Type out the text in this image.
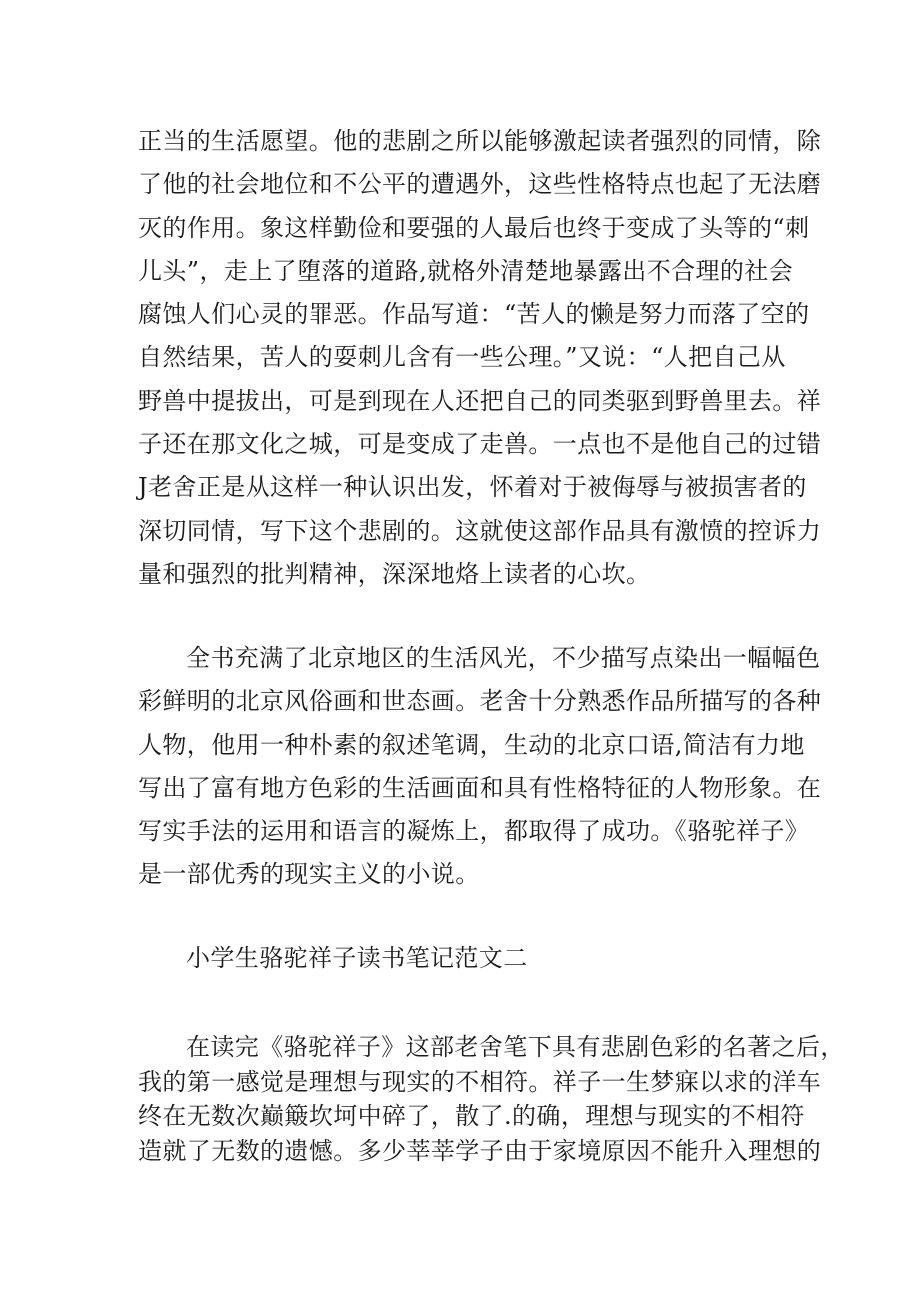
正当的生活愿望。他的悲剧之所以能够激起读者强烈的同情，除
了他的社会地位和不公平的遭遇外，这些性格特点也起了无法磨
灭的作用。象这样勤俭和要强的人最后也终于变成了头等的“刺
儿头”，走上了堕落的道路,就格外清楚地暴露出不合理的社会
腐蚀人们心灵的罪恶。作品写道：“苦人的懒是努力而落了空的
自然结果，苦人的耍刺儿含有一些公理。”又说：“人把自己从
野兽中提拔出，可是到现在人还把自己的同类驱到野兽里去。祥
子还在那文化之城，可是变成了走兽。一点也不是他自己的过错
J老舍正是从这样一种认识出发，怀着对于被侮辱与被损害者的
深切同情，写下这个悲剧的。这就使这部作品具有激愤的控诉力
量和强烈的批判精神，深深地烙上读者的心坎。
全书充满了北京地区的生活风光，不少描写点染出一幅幅色
彩鲜明的北京风俗画和世态画。老舍十分熟悉作品所描写的各种
人物，他用一种朴素的叙述笔调，生动的北京口语,简洁有力地
写出了富有地方色彩的生活画面和具有性格特征的人物形象。在
写实手法的运用和语言的凝炼上，都取得了成功。《骆驼祥子》
是一部优秀的现实主义的小说。
小学生骆驼祥子读书笔记范文二
在读完《骆驼祥子》这部老舍笔下具有悲剧色彩的名著之后，
我的第一感觉是理想与现实的不相符。祥子一生梦寐以求的洋车
终在无数次巅簸坎坷中碎了，散了.的确，理想与现实的不相符
造就了无数的遗憾。多少莘莘学子由于家境原因不能升入理想的
